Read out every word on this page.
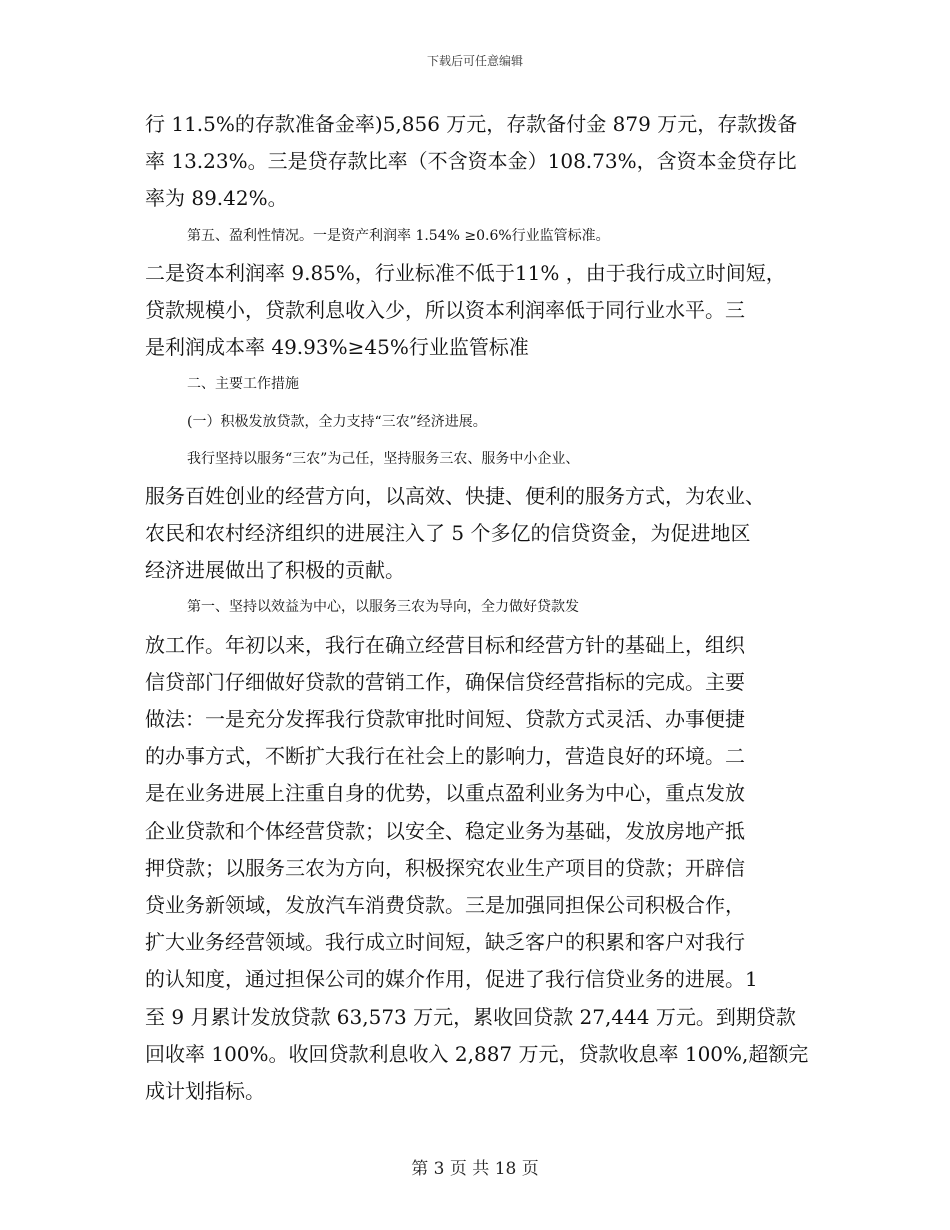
下载后可任意编辑
行 11.5%的存款准备金率)5,856 万元，存款备付金 879 万元，存款拨备
率 13.23%。三是贷存款比率（不含资本金）108.73%，含资本金贷存比
率为 89.42%。
第五、盈利性情况。一是资产利润率 1.54% ≥0.6%行业监管标准。
二是资本利润率 9.85%，行业标准不低于11% ，由于我行成立时间短，
贷款规模小，贷款利息收入少，所以资本利润率低于同行业水平。三
是利润成本率 49.93%≥45%行业监管标准
二、主要工作措施
(一）积极发放贷款，全力支持“三农”经济进展。
我行坚持以服务“三农”为己任，坚持服务三农、服务中小企业、
服务百姓创业的经营方向，以高效、快捷、便利的服务方式，为农业、
农民和农村经济组织的进展注入了 5 个多亿的信贷资金，为促进地区
经济进展做出了积极的贡献。
第一、坚持以效益为中心，以服务三农为导向，全力做好贷款发
放工作。年初以来，我行在确立经营目标和经营方针的基础上，组织
信贷部门仔细做好贷款的营销工作，确保信贷经营指标的完成。主要
做法：一是充分发挥我行贷款审批时间短、贷款方式灵活、办事便捷
的办事方式，不断扩大我行在社会上的影响力，营造良好的环境。二
是在业务进展上注重自身的优势，以重点盈利业务为中心，重点发放
企业贷款和个体经营贷款；以安全、稳定业务为基础，发放房地产抵
押贷款；以服务三农为方向，积极探究农业生产项目的贷款；开辟信
贷业务新领域，发放汽车消费贷款。三是加强同担保公司积极合作，
扩大业务经营领域。我行成立时间短，缺乏客户的积累和客户对我行
的认知度，通过担保公司的媒介作用，促进了我行信贷业务的进展。1
至 9 月累计发放贷款 63,573 万元，累收回贷款 27,444 万元。到期贷款
回收率 100%。收回贷款利息收入 2,887 万元，贷款收息率 100%,超额完
成计划指标。
第 3 页 共 18 页
